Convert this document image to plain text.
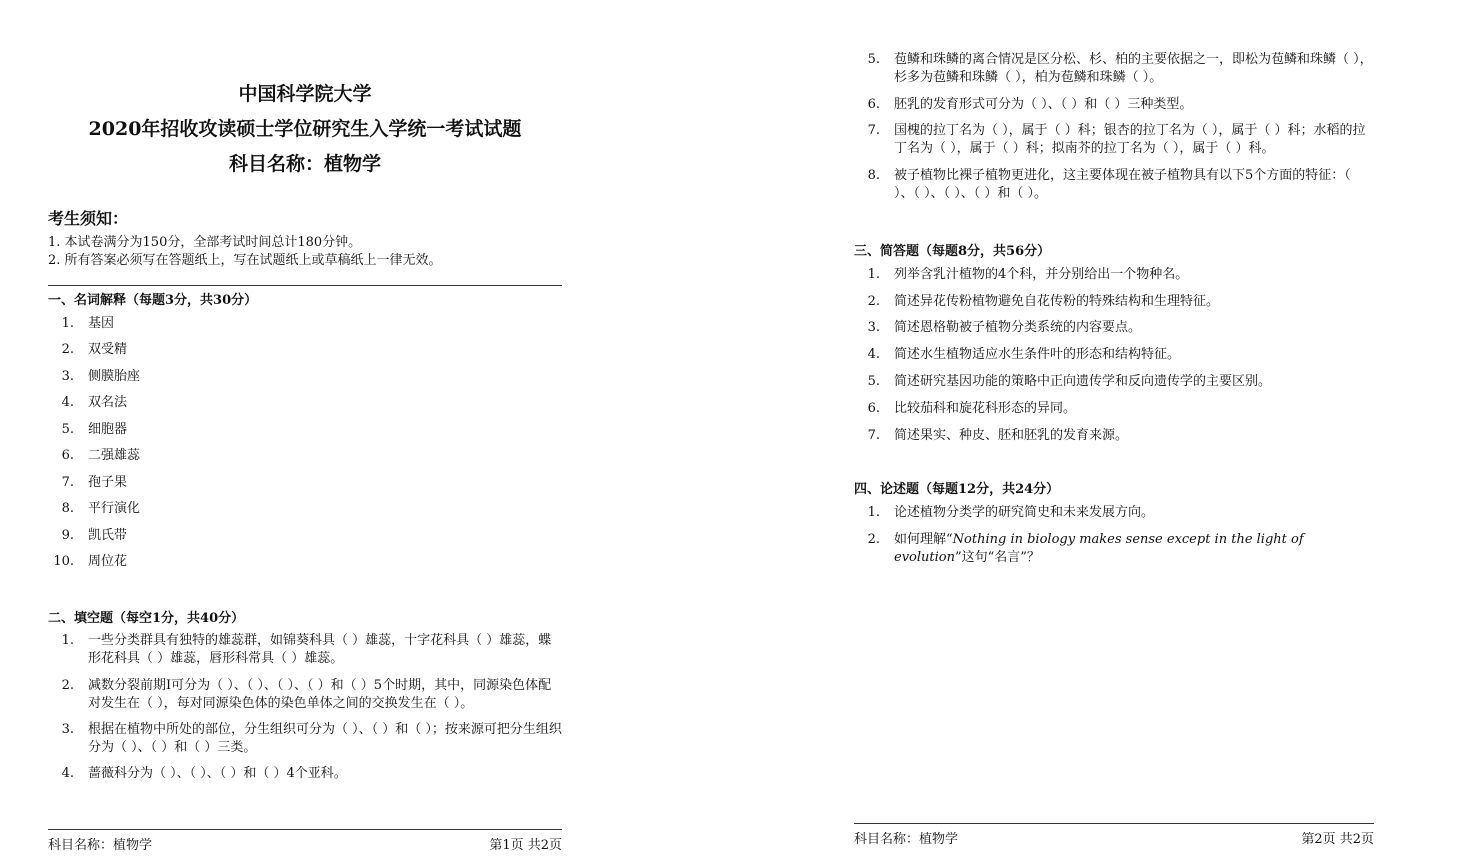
中国科学院大学
2020年招收攻读硕士学位研究生入学统一考试试题
科目名称：植物学
考生须知：
1. 本试卷满分为150分，全部考试时间总计180分钟。
2. 所有答案必须写在答题纸上，写在试题纸上或草稿纸上一律无效。
一、名词解释（每题3分，共30分）
1. 基因
2. 双受精
3. 侧膜胎座
4. 双名法
5. 细胞器
6. 二强雄蕊
7. 孢子果
8. 平行演化
9. 凯氏带
10. 周位花
二、填空题（每空1分，共40分）
1. 一些分类群具有独特的雄蕊群，如锦葵科具（ ）雄蕊，十字花科具（ ）雄蕊，蝶形花科具（ ）雄蕊，唇形科常具（ ）雄蕊。
2. 减数分裂前期I可分为（ ）、（ ）、（ ）、（ ）和（ ）5个时期，其中，同源染色体配对发生在（ ），每对同源染色体的染色单体之间的交换发生在（ ）。
3. 根据在植物中所处的部位，分生组织可分为（ ）、（ ）和（ ）；按来源可把分生组织分为（ ）、（ ）和（ ）三类。
4. 蔷薇科分为（ ）、（ ）、（ ）和（ ）4个亚科。
科目名称：植物学	第1页 共2页
5. 苞鳞和珠鳞的离合情况是区分松、杉、柏的主要依据之一，即松为苞鳞和珠鳞（ ），杉多为苞鳞和珠鳞（ ），柏为苞鳞和珠鳞（ ）。
6. 胚乳的发育形式可分为（ ）、（ ）和（ ）三种类型。
7. 国槐的拉丁名为（ ），属于（ ）科；银杏的拉丁名为（ ），属于（ ）科；水稻的拉丁名为（ ），属于（ ）科；拟南芥的拉丁名为（ ），属于（ ）科。
8. 被子植物比裸子植物更进化，这主要体现在被子植物具有以下5个方面的特征：（ ）、（ ）、（ ）、（ ）和（ ）。
三、简答题（每题8分，共56分）
1. 列举含乳汁植物的4个科，并分别给出一个物种名。
2. 简述异花传粉植物避免自花传粉的特殊结构和生理特征。
3. 简述恩格勒被子植物分类系统的内容要点。
4. 简述水生植物适应水生条件叶的形态和结构特征。
5. 简述研究基因功能的策略中正向遗传学和反向遗传学的主要区别。
6. 比较茄科和旋花科形态的异同。
7. 简述果实、种皮、胚和胚乳的发育来源。
四、论述题（每题12分，共24分）
1. 论述植物分类学的研究简史和未来发展方向。
2. 如何理解“Nothing in biology makes sense except in the light of evolution”这句“名言”？
科目名称：植物学	第2页 共2页
